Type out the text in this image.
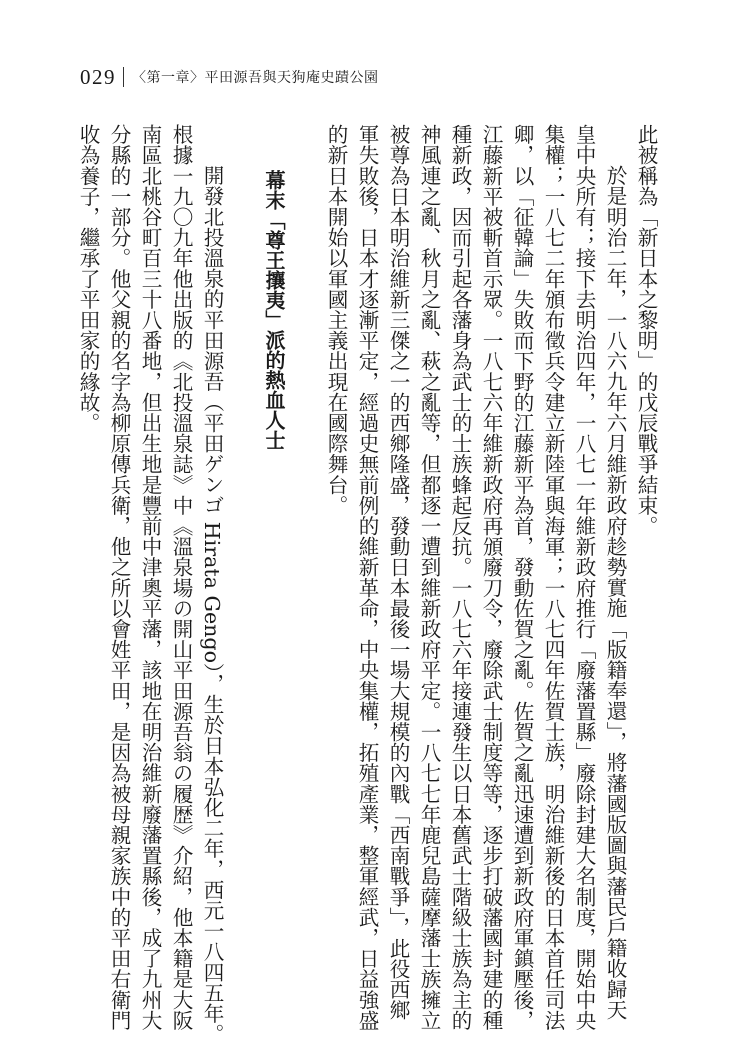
029 〈第一章〉平田源吾與天狗庵史蹟公園
此被稱為「新日本之黎明」的戊辰戰爭結束。
於是明治二年，一八六九年六月維新政府趁勢實施「版籍奉還」，將藩國版圖與藩民戶籍收歸天
皇中央所有；接下去明治四年，一八七一年維新政府推行「廢藩置縣」廢除封建大名制度，開始中央
集權；一八七二年頒布徵兵令建立新陸軍與海軍；一八七四年佐賀士族，明治維新後的日本首任司法
卿，以「征韓論」失敗而下野的江藤新平為首，發動佐賀之亂。佐賀之亂迅速遭到新政府軍鎮壓後，
江藤新平被斬首示眾。一八七六年維新政府再頒廢刀令，廢除武士制度等等，逐步打破藩國封建的種
種新政，因而引起各藩身為武士的士族蜂起反抗。一八七六年接連發生以日本舊武士階級士族為主的
神風連之亂、秋月之亂、萩之亂等，但都逐一遭到維新政府平定。一八七七年鹿兒島薩摩藩士族擁立
被尊為日本明治維新三傑之一的西鄉隆盛，發動日本最後一場大規模的內戰「西南戰爭」，此役西鄉
軍失敗後，日本才逐漸平定，經過史無前例的維新革命，中央集權，拓殖產業，整軍經武，日益強盛
的新日本開始以軍國主義出現在國際舞台。
幕末「尊王攘夷」派的熱血人士
開發北投溫泉的平田源吾（平田ゲンゴ Hirata Gengo），生於日本弘化二年，西元一八四五年。
根據一九〇九年他出版的《北投溫泉誌》中《溫泉場の開山平田源吾翁の履歴》介紹，他本籍是大阪
南區北桃谷町百三十八番地，但出生地是豐前中津奧平藩，該地在明治維新廢藩置縣後，成了九州大
分縣的一部分。他父親的名字為柳原傳兵衛，他之所以會姓平田，是因為被母親家族中的平田右衛門
收為養子，繼承了平田家的緣故。
